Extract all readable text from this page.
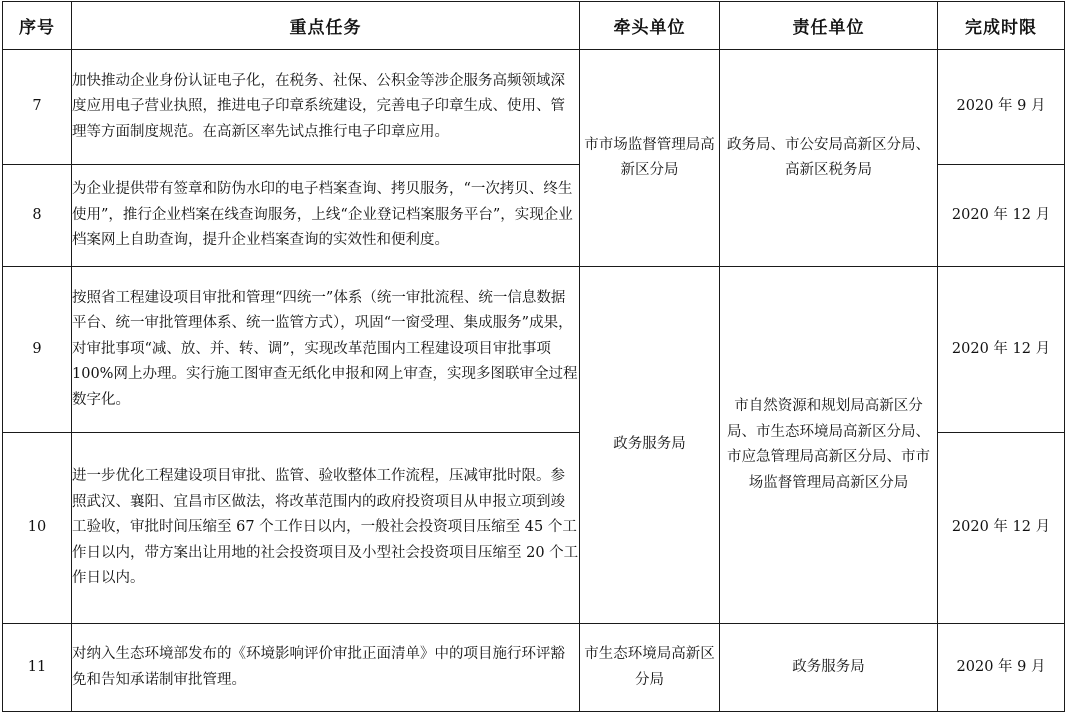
序号	重点任务	牵头单位	责任单位	完成时限
7	加快推动企业身份认证电子化，在税务、社保、公积金等涉企服务高频领域深度应用电子营业执照，推进电子印章系统建设，完善电子印章生成、使用、管理等方面制度规范。在高新区率先试点推行电子印章应用。	市市场监督管理局高新区分局	政务局、市公安局高新区分局、高新区税务局	2020 年 9 月
8	为企业提供带有签章和防伪水印的电子档案查询、拷贝服务，“一次拷贝、终生使用”，推行企业档案在线查询服务，上线“企业登记档案服务平台”，实现企业档案网上自助查询，提升企业档案查询的实效性和便利度。			2020 年 12 月
9	按照省工程建设项目审批和管理“四统一”体系（统一审批流程、统一信息数据平台、统一审批管理体系、统一监管方式），巩固“一窗受理、集成服务”成果，对审批事项“减、放、并、转、调”，实现改革范围内工程建设项目审批事项100%网上办理。实行施工图审查无纸化申报和网上审查，实现多图联审全过程数字化。	政务服务局	市自然资源和规划局高新区分局、市生态环境局高新区分局、市应急管理局高新区分局、市市场监督管理局高新区分局	2020 年 12 月
10	进一步优化工程建设项目审批、监管、验收整体工作流程，压减审批时限。参照武汉、襄阳、宜昌市区做法，将改革范围内的政府投资项目从申报立项到竣工验收，审批时间压缩至 67 个工作日以内，一般社会投资项目压缩至 45 个工作日以内，带方案出让用地的社会投资项目及小型社会投资项目压缩至 20 个工作日以内。			2020 年 12 月
11	对纳入生态环境部发布的《环境影响评价审批正面清单》中的项目施行环评豁免和告知承诺制审批管理。	市生态环境局高新区分局	政务服务局	2020 年 9 月
